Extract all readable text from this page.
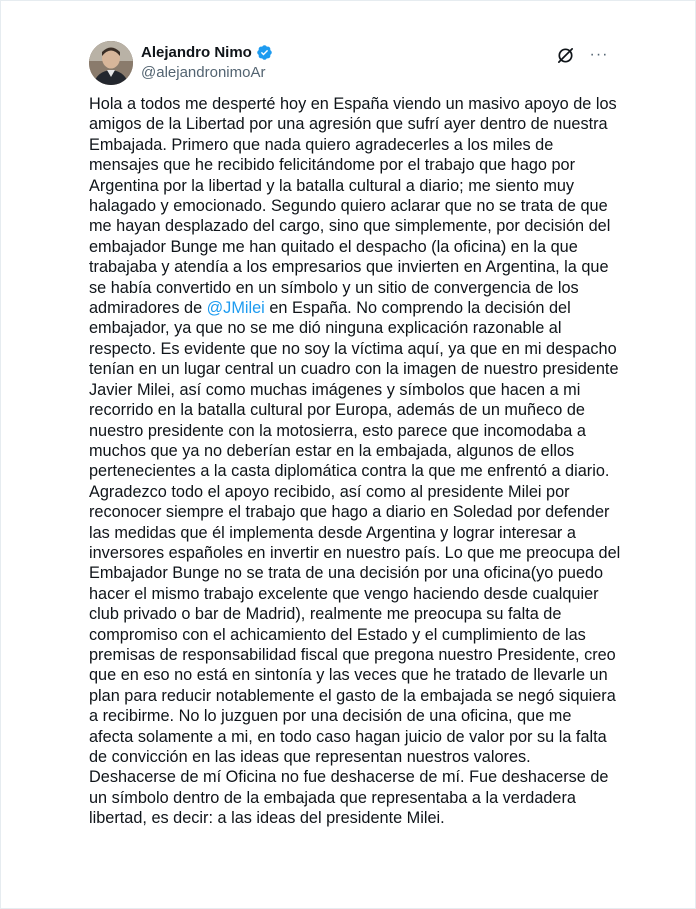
Alejandro Nimo
@alejandronimoAr
···
Hola a todos me desperté hoy en España viendo un masivo apoyo de los
amigos de la Libertad por una agresión que sufrí ayer dentro de nuestra
Embajada. Primero que nada quiero agradecerles a los miles de
mensajes que he recibido felicitándome por el trabajo que hago por
Argentina por la libertad y la batalla cultural a diario; me siento muy
halagado y emocionado. Segundo quiero aclarar que no se trata de que
me hayan desplazado del cargo, sino que simplemente, por decisión del
embajador Bunge me han quitado el despacho (la oficina) en la que
trabajaba y atendía a los empresarios que invierten en Argentina, la que
se había convertido en un símbolo y un sitio de convergencia de los
admiradores de @JMilei en España. No comprendo la decisión del
embajador, ya que no se me dió ninguna explicación razonable al
respecto. Es evidente que no soy la víctima aquí, ya que en mi despacho
tenían en un lugar central un cuadro con la imagen de nuestro presidente
Javier Milei, así como muchas imágenes y símbolos que hacen a mi
recorrido en la batalla cultural por Europa, además de un muñeco de
nuestro presidente con la motosierra, esto parece que incomodaba a
muchos que ya no deberían estar en la embajada, algunos de ellos
pertenecientes a la casta diplomática contra la que me enfrentó a diario.
Agradezco todo el apoyo recibido, así como al presidente Milei por
reconocer siempre el trabajo que hago a diario en Soledad por defender
las medidas que él implementa desde Argentina y lograr interesar a
inversores españoles en invertir en nuestro país. Lo que me preocupa del
Embajador Bunge no se trata de una decisión por una oficina(yo puedo
hacer el mismo trabajo excelente que vengo haciendo desde cualquier
club privado o bar de Madrid), realmente me preocupa su falta de
compromiso con el achicamiento del Estado y el cumplimiento de las
premisas de responsabilidad fiscal que pregona nuestro Presidente, creo
que en eso no está en sintonía y las veces que he tratado de llevarle un
plan para reducir notablemente el gasto de la embajada se negó siquiera
a recibirme. No lo juzguen por una decisión de una oficina, que me
afecta solamente a mi, en todo caso hagan juicio de valor por su la falta
de convicción en las ideas que representan nuestros valores.
Deshacerse de mí Oficina no fue deshacerse de mí. Fue deshacerse de
un símbolo dentro de la embajada que representaba a la verdadera
libertad, es decir: a las ideas del presidente Milei.
